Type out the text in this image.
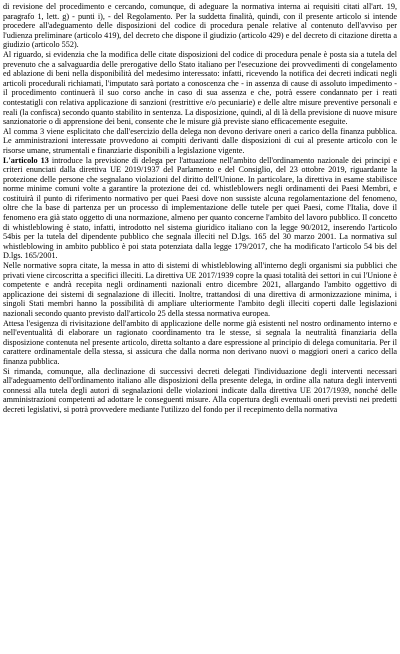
di revisione del procedimento e cercando, comunque, di adeguare la normativa interna ai requisiti citati all'art. 19, paragrafo 1, lett. g) - punti i), - del Regolamento. Per la suddetta finalità, quindi, con il presente articolo si intende procedere all'adeguamento delle disposizioni del codice di procedura penale relative al contenuto dell'avviso per l'udienza preliminare (articolo 419), del decreto che dispone il giudizio (articolo 429) e del decreto di citazione diretta a giudizio (articolo 552).

Al riguardo, si evidenzia che la modifica delle citate disposizioni del codice di procedura penale è posta sia a tutela del prevenuto che a salvaguardia delle prerogative dello Stato italiano per l'esecuzione dei provvedimenti di congelamento ed ablazione di beni nella disponibilità del medesimo interessato: infatti, ricevendo la notifica dei decreti indicati negli articoli procedurali richiamati, l'imputato sarà portato a conoscenza che - in assenza di cause di assoluto impedimento - il procedimento continuerà il suo corso anche in caso di sua assenza e che, potrà essere condannato per i reati contestatigli con relativa applicazione di sanzioni (restrittive e/o pecuniarie) e delle altre misure preventive personali e reali (la confisca) secondo quanto stabilito in sentenza. La disposizione, quindi, al di là della previsione di nuove misure sanzionatorie o di apprensione dei beni, consente che le misure già previste siano efficacemente eseguite.

Al comma 3 viene esplicitato che dall'esercizio della delega non devono derivare oneri a carico della finanza pubblica. Le amministrazioni interessate provvedono ai compiti derivanti dalle disposizioni di cui al presente articolo con le risorse umane, strumentali e finanziarie disponibili a legislazione vigente.

L'articolo 13 introduce la previsione di delega per l'attuazione nell'ambito dell'ordinamento nazionale dei principi e criteri enunciati dalla direttiva UE 2019/1937 del Parlamento e del Consiglio, del 23 ottobre 2019, riguardante la protezione delle persone che segnalano violazioni del diritto dell'Unione. In particolare, la direttiva in esame stabilisce norme minime comuni volte a garantire la protezione dei cd. whistleblowers negli ordinamenti dei Paesi Membri, e costituirà il punto di riferimento normativo per quei Paesi dove non sussiste alcuna regolamentazione del fenomeno, oltre che la base di partenza per un processo di implementazione delle tutele per quei Paesi, come l'Italia, dove il fenomeno era già stato oggetto di una normazione, almeno per quanto concerne l'ambito del lavoro pubblico. Il concetto di whistleblowing è stato, infatti, introdotto nel sistema giuridico italiano con la legge 90/2012, inserendo l'articolo 54bis per la tutela del dipendente pubblico che segnala illeciti nel D.lgs. 165 del 30 marzo 2001. La normativa sul whistleblowing in ambito pubblico è poi stata potenziata dalla legge 179/2017, che ha modificato l'articolo 54 bis del D.lgs. 165/2001.

Nelle normative sopra citate, la messa in atto di sistemi di whistleblowing all'interno degli organismi sia pubblici che privati viene circoscritta a specifici illeciti. La direttiva UE 2017/1939 copre la quasi totalità dei settori in cui l'Unione è competente e andrà recepita negli ordinamenti nazionali entro dicembre 2021, allargando l'ambito oggettivo di applicazione dei sistemi di segnalazione di illeciti. Inoltre, trattandosi di una direttiva di armonizzazione minima, i singoli Stati membri hanno la possibilità di ampliare ulteriormente l'ambito degli illeciti coperti dalle legislazioni nazionali secondo quanto previsto dall'articolo 25 della stessa normativa europea.

Attesa l'esigenza di rivisitazione dell'ambito di applicazione delle norme già esistenti nel nostro ordinamento interno e nell'eventualità di elaborare un ragionato coordinamento tra le stesse, si segnala la neutralità finanziaria della disposizione contenuta nel presente articolo, diretta soltanto a dare espressione al principio di delega comunitaria. Per il carattere ordinamentale della stessa, si assicura che dalla norma non derivano nuovi o maggiori oneri a carico della finanza pubblica.

Si rimanda, comunque, alla declinazione di successivi decreti delegati l'individuazione degli interventi necessari all'adeguamento dell'ordinamento italiano alle disposizioni della presente delega, in ordine alla natura degli interventi connessi alla tutela degli autori di segnalazioni delle violazioni indicate dalla direttiva UE 2017/1939, nonché delle amministrazioni competenti ad adottare le conseguenti misure. Alla copertura degli eventuali oneri previsti nei predetti decreti legislativi, si potrà provvedere mediante l'utilizzo del fondo per il recepimento della normativa
